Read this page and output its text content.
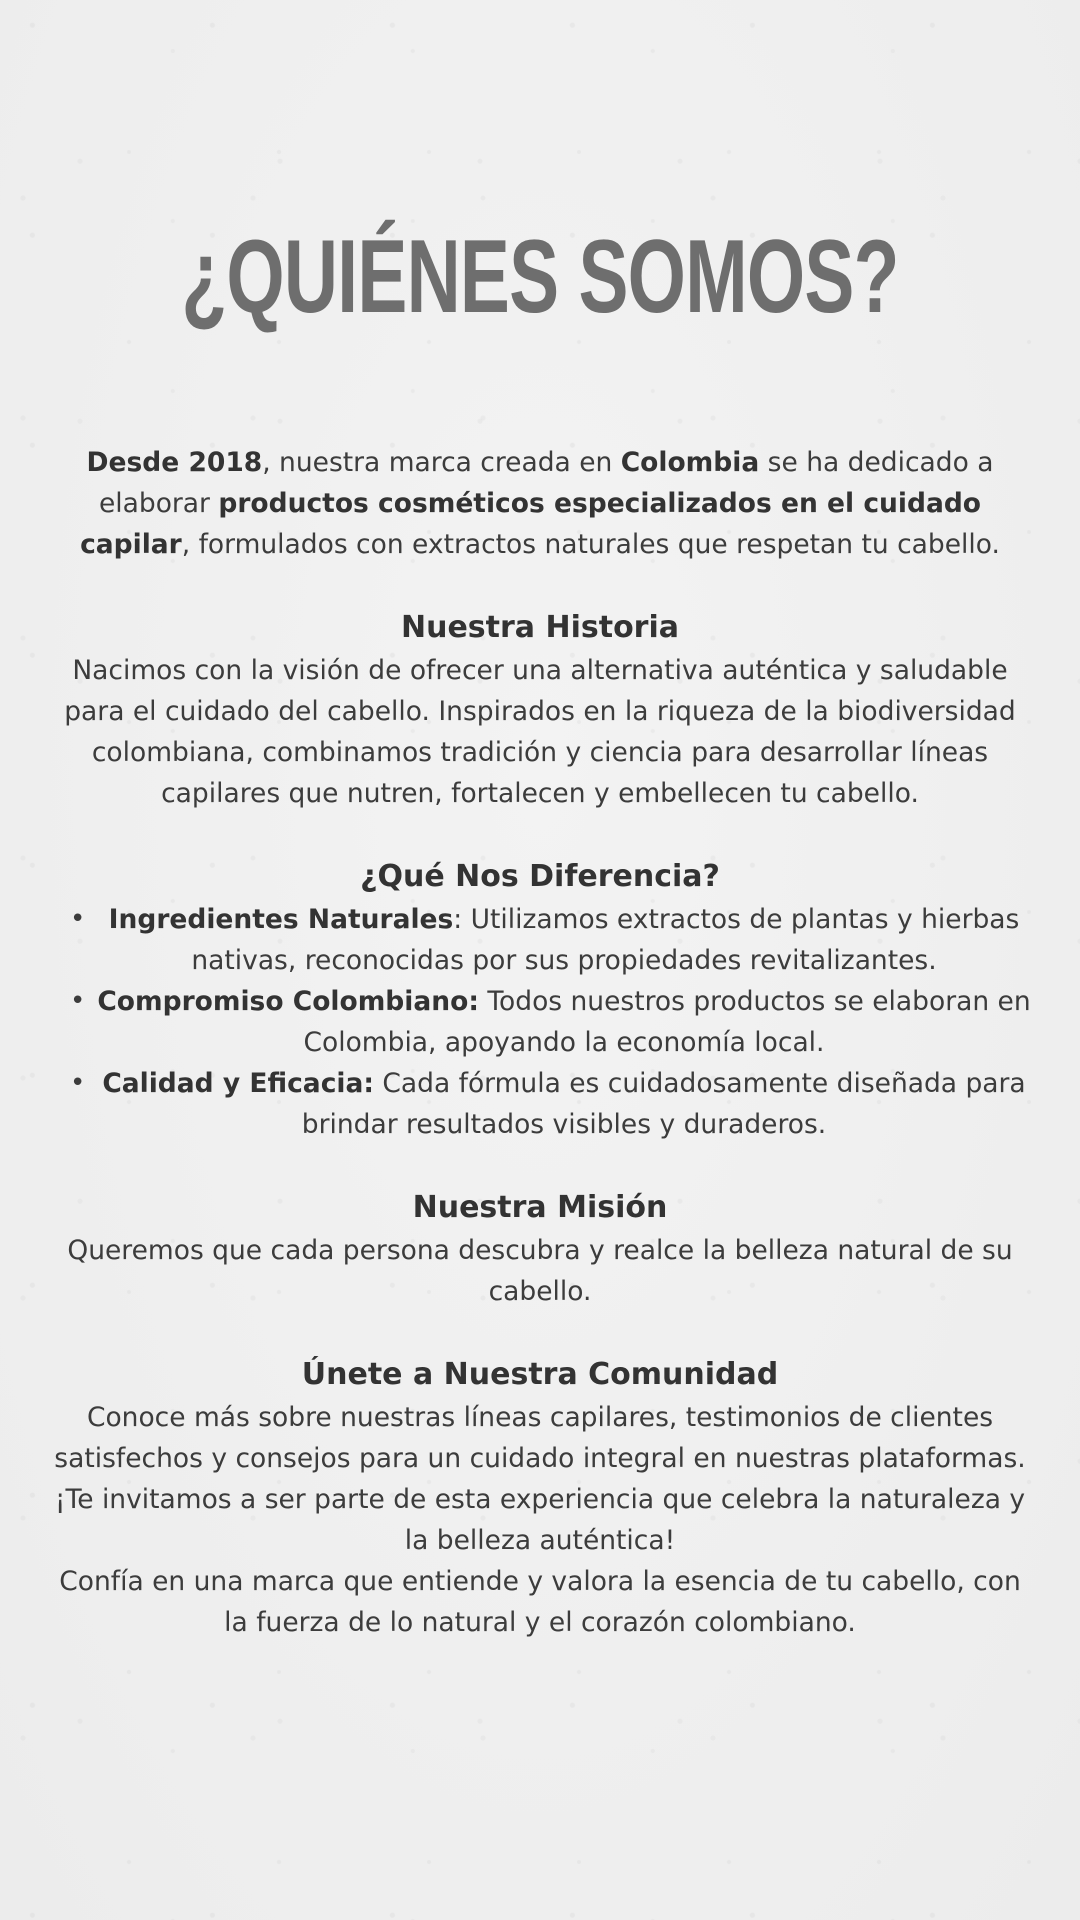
¿QUIÉNES SOMOS?

Desde 2018, nuestra marca creada en Colombia se ha dedicado a elaborar productos cosméticos especializados en el cuidado capilar, formulados con extractos naturales que respetan tu cabello.

Nuestra Historia

Nacimos con la visión de ofrecer una alternativa auténtica y saludable para el cuidado del cabello. Inspirados en la riqueza de la biodiversidad colombiana, combinamos tradición y ciencia para desarrollar líneas capilares que nutren, fortalecen y embellecen tu cabello.

¿Qué Nos Diferencia?
• Ingredientes Naturales: Utilizamos extractos de plantas y hierbas nativas, reconocidas por sus propiedades revitalizantes.
• Compromiso Colombiano: Todos nuestros productos se elaboran en Colombia, apoyando la economía local.
• Calidad y Eficacia: Cada fórmula es cuidadosamente diseñada para brindar resultados visibles y duraderos.
Nuestra Misión

Queremos que cada persona descubra y realce la belleza natural de su cabello.

Únete a Nuestra Comunidad

Conoce más sobre nuestras líneas capilares, testimonios de clientes satisfechos y consejos para un cuidado integral en nuestras plataformas. ¡Te invitamos a ser parte de esta experiencia que celebra la naturaleza y la belleza auténtica!

Confía en una marca que entiende y valora la esencia de tu cabello, con la fuerza de lo natural y el corazón colombiano.
